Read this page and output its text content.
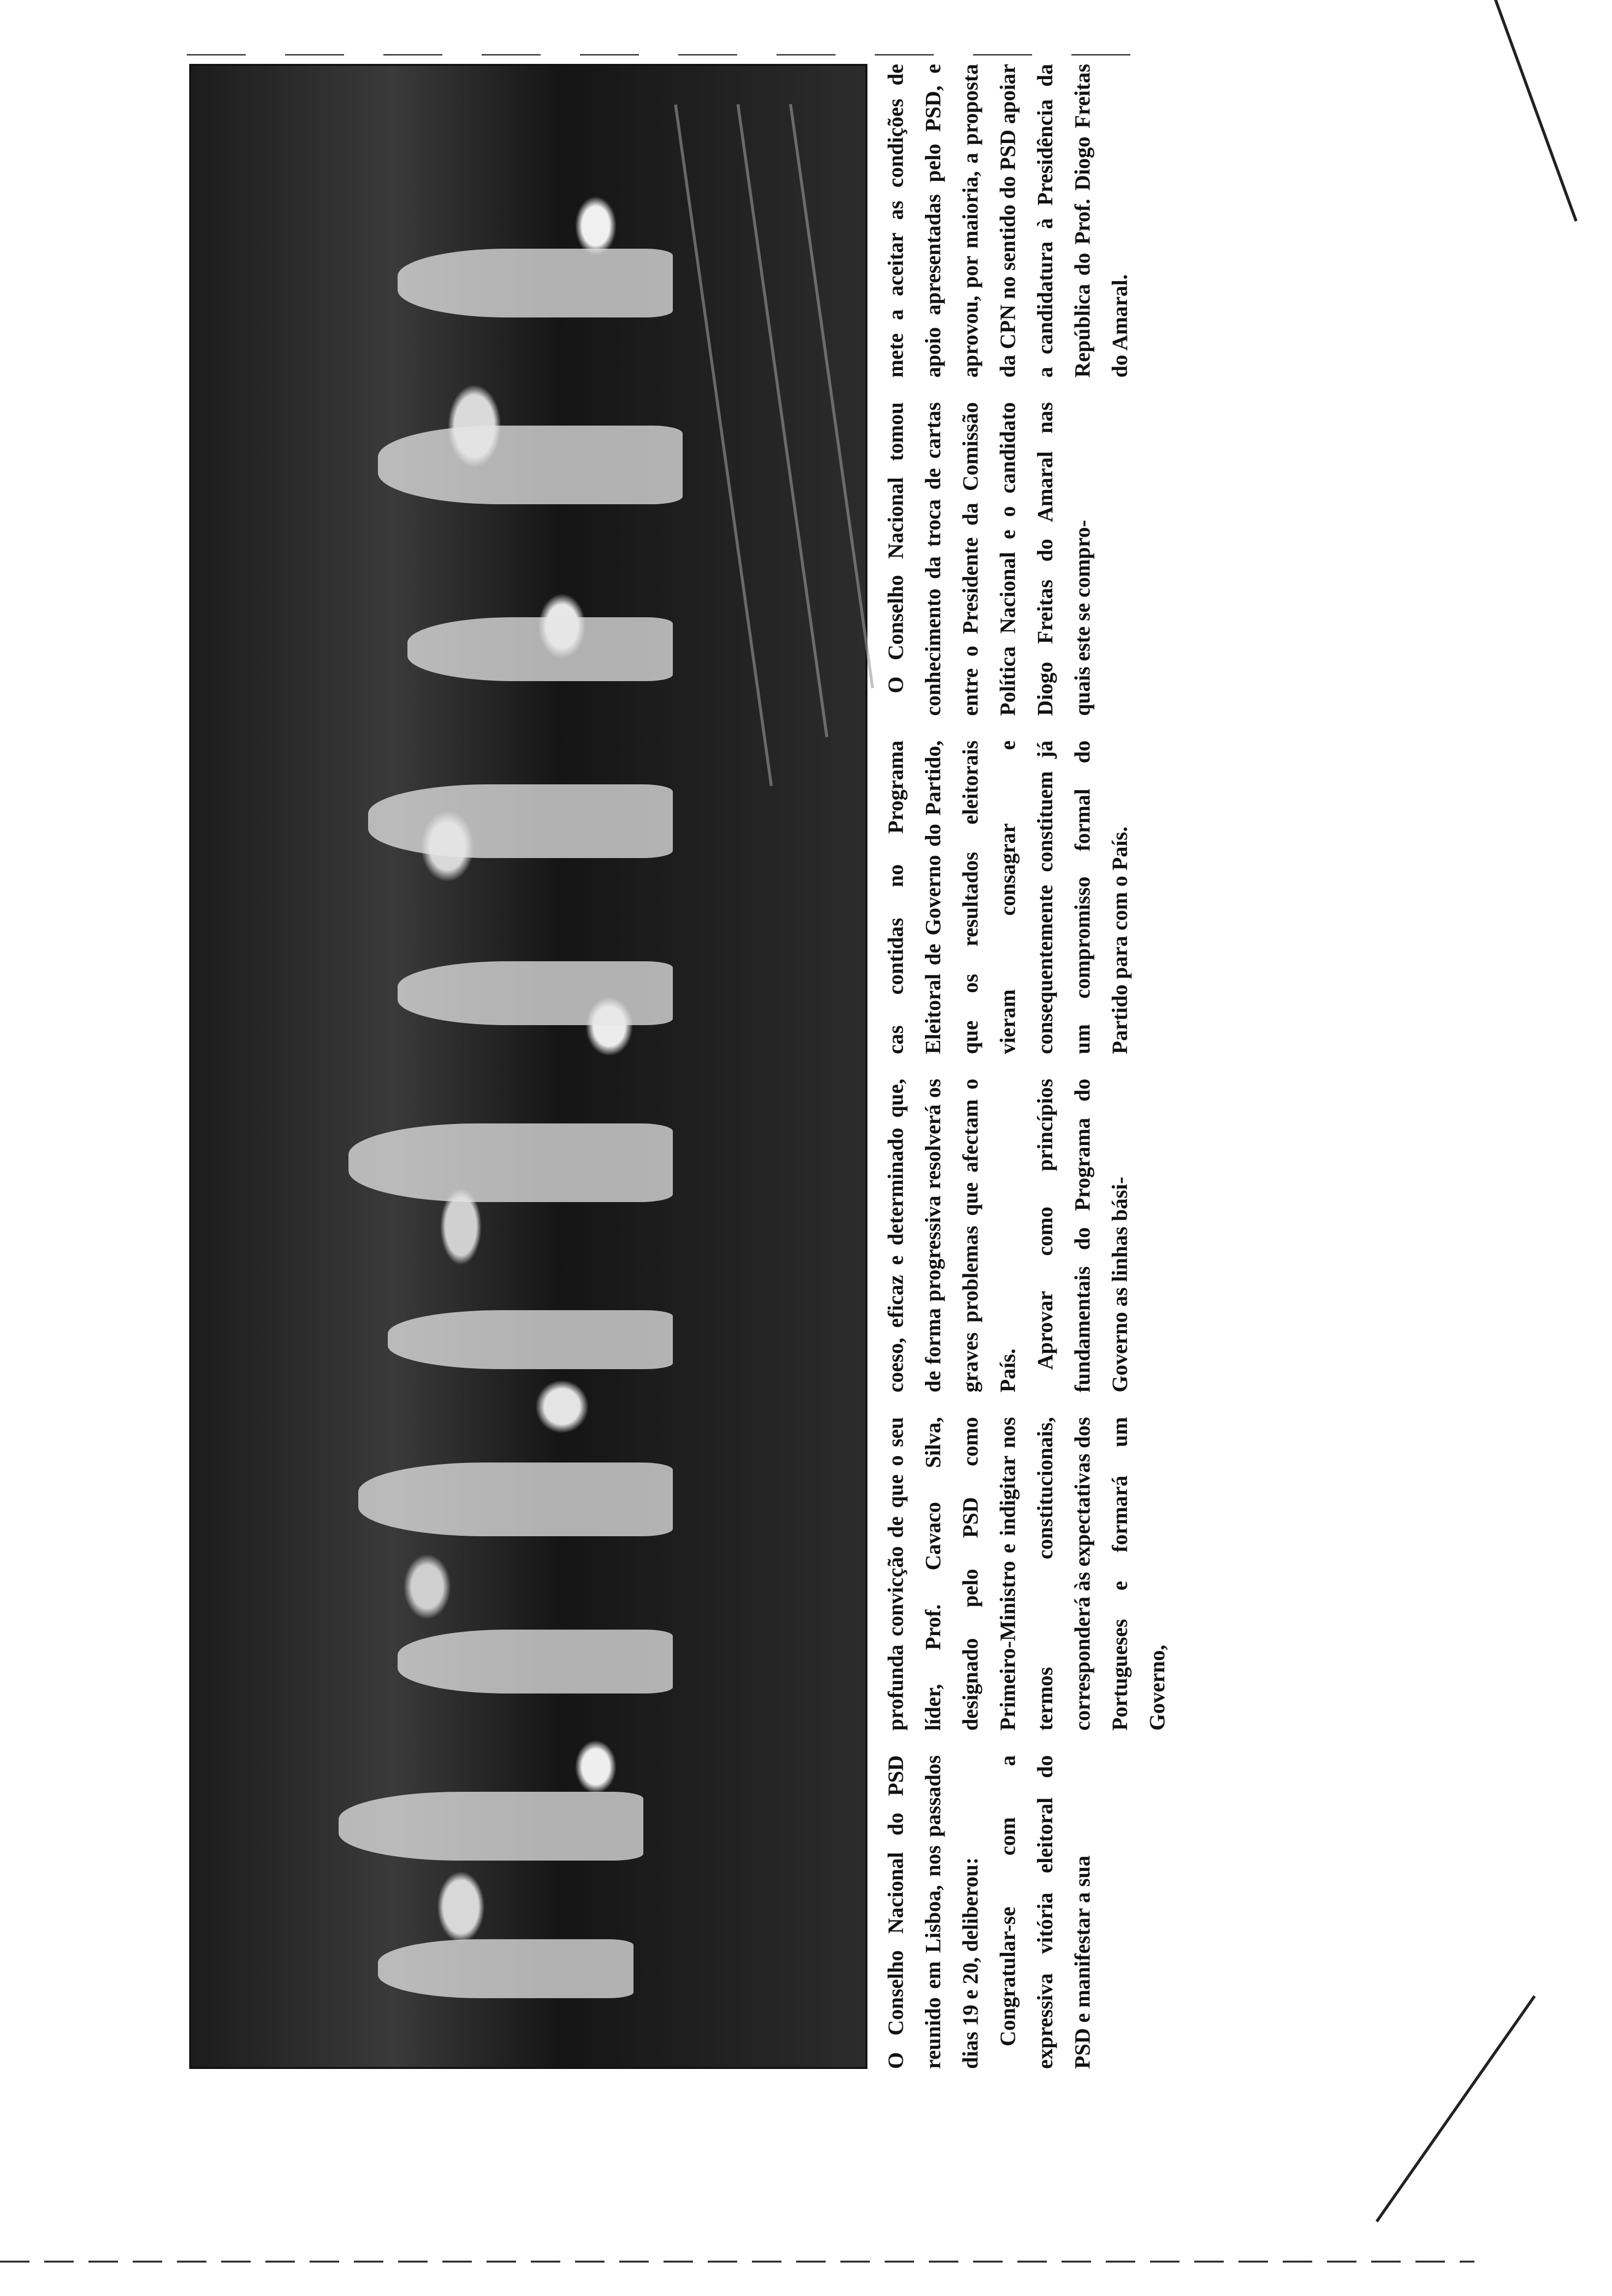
O Conselho Nacional do PSD reunido em Lisboa, nos passados dias 19 e 20, deliberou: Congratular-se com a expressiva vitória eleitoral do PSD e manifestar a sua

profunda convicção de que o seu líder, Prof. Cavaco Silva, designado pelo PSD como Primeiro-Ministro e indigitar nos termos constitucionais, corresponderá às expectativas dos Portugueses e formará um Governo,

coeso, eficaz e determinado que, de forma progressiva resolverá os graves problemas que afectam o País.

Aprovar como princípios fundamentais do Programa do Governo as linhas bási-

cas contidas no Programa Eleitoral de Governo do Partido, que os resultados eleitorais vieram consagrar e consequentemente constituem já um compromisso formal do Partido para com o País.

O Conselho Nacional tomou conhecimento da troca de cartas entre o Presidente da Comissão Política Nacional e o candidato Diogo Freitas do Amaral nas quais este se compro-

mete a aceitar as condições de apoio apresentadas pelo PSD, e aprovou, por maioria, a proposta da CPN no sentido do PSD apoiar a candidatura à Presidência da República do Prof. Diogo Freitas do Amaral.
